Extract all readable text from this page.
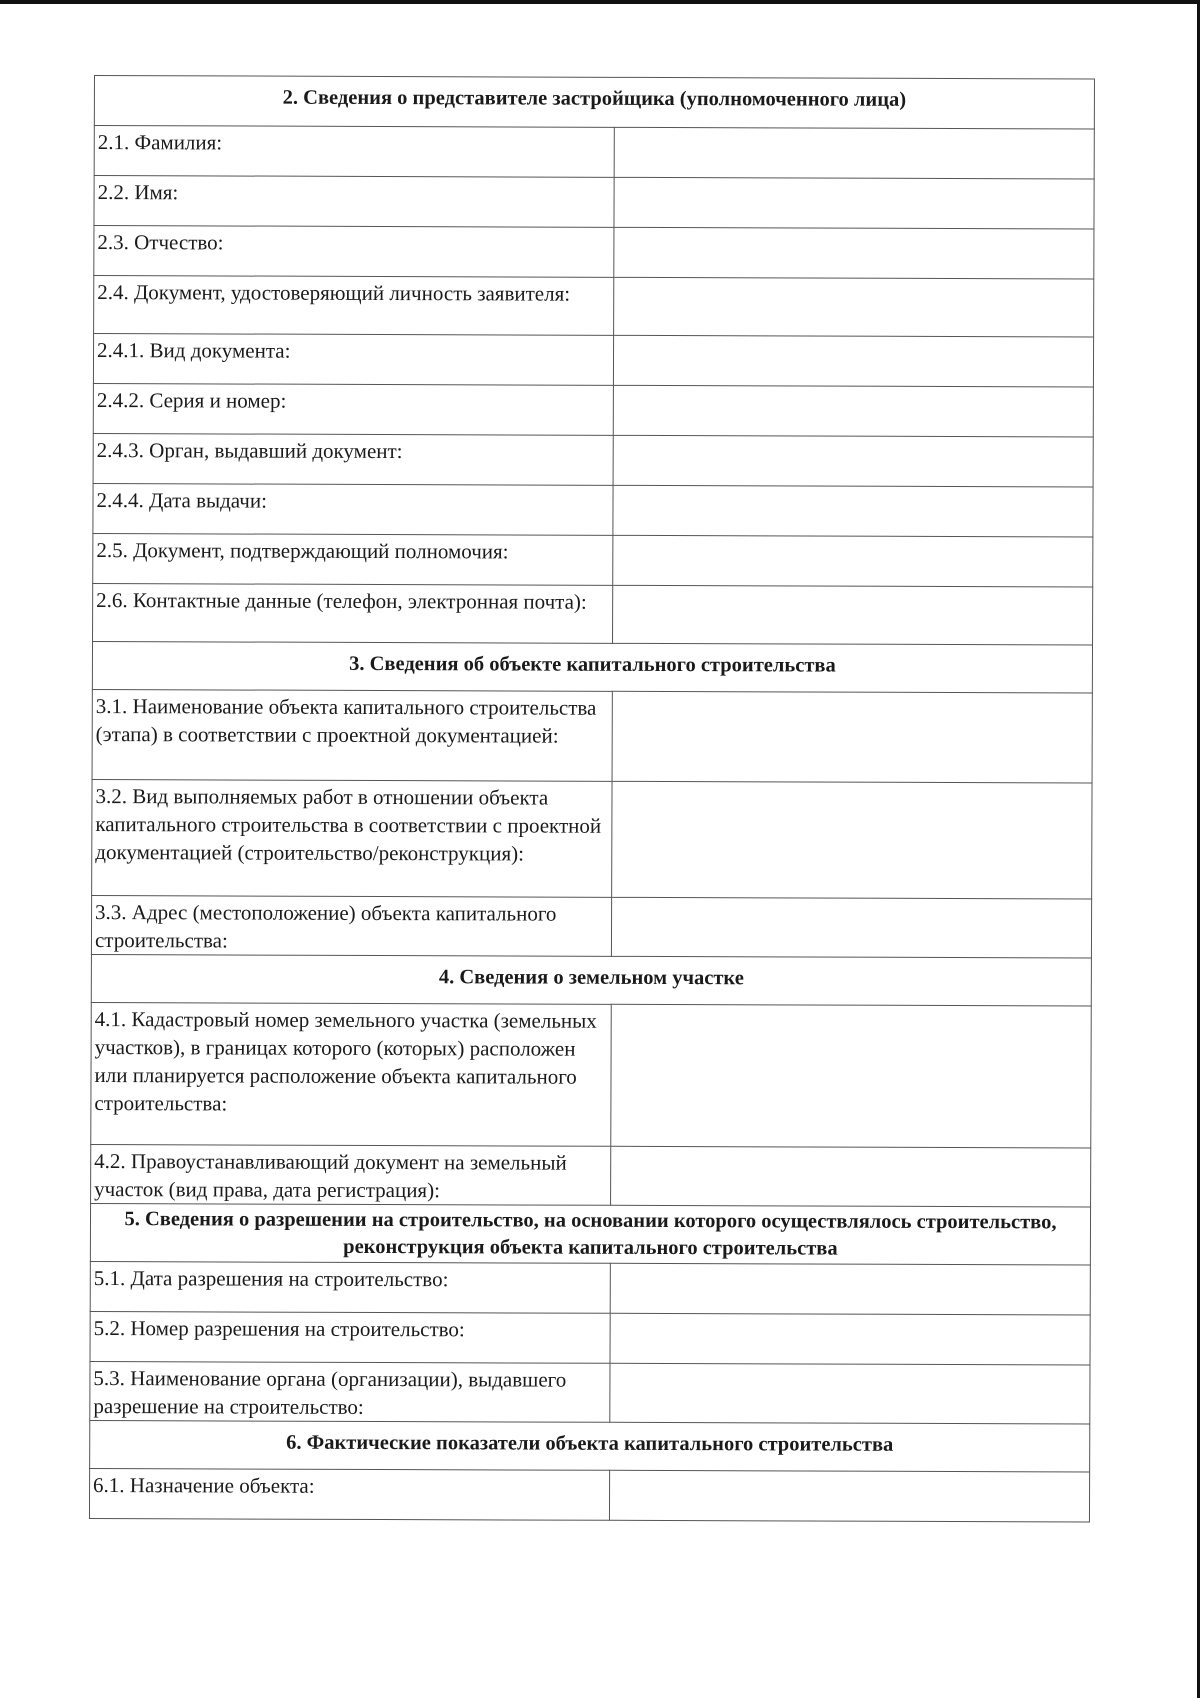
2. Сведения о представителе застройщика (уполномоченного лица)	
2.1. Фамилия:	
2.2. Имя:	
2.3. Отчество:	
2.4. Документ, удостоверяющий личность заявителя:	
2.4.1. Вид документа:	
2.4.2. Серия и номер:	
2.4.3. Орган, выдавший документ:	
2.4.4. Дата выдачи:	
2.5. Документ, подтверждающий полномочия:	
2.6. Контактные данные (телефон, электронная почта):	
3. Сведения об объекте капитального строительства	
3.1. Наименование объекта капитального строительства (этапа) в соответствии с проектной документацией:	
3.2. Вид выполняемых работ в отношении объекта капитального строительства в соответствии с проектной документацией (строительство/реконструкция):	
3.3. Адрес (местоположение) объекта капитального строительства:	
4. Сведения о земельном участке	
4.1. Кадастровый номер земельного участка (земельных участков), в границах которого (которых) расположен или планируется расположение объекта капитального строительства:	
4.2. Правоустанавливающий документ на земельный участок (вид права, дата регистрация):	
5. Сведения о разрешении на строительство, на основании которого осуществлялось строительство, реконструкция объекта капитального строительства	
5.1. Дата разрешения на строительство:	
5.2. Номер разрешения на строительство:	
5.3. Наименование органа (организации), выдавшего разрешение на строительство:	
6. Фактические показатели объекта капитального строительства	
6.1. Назначение объекта:	
